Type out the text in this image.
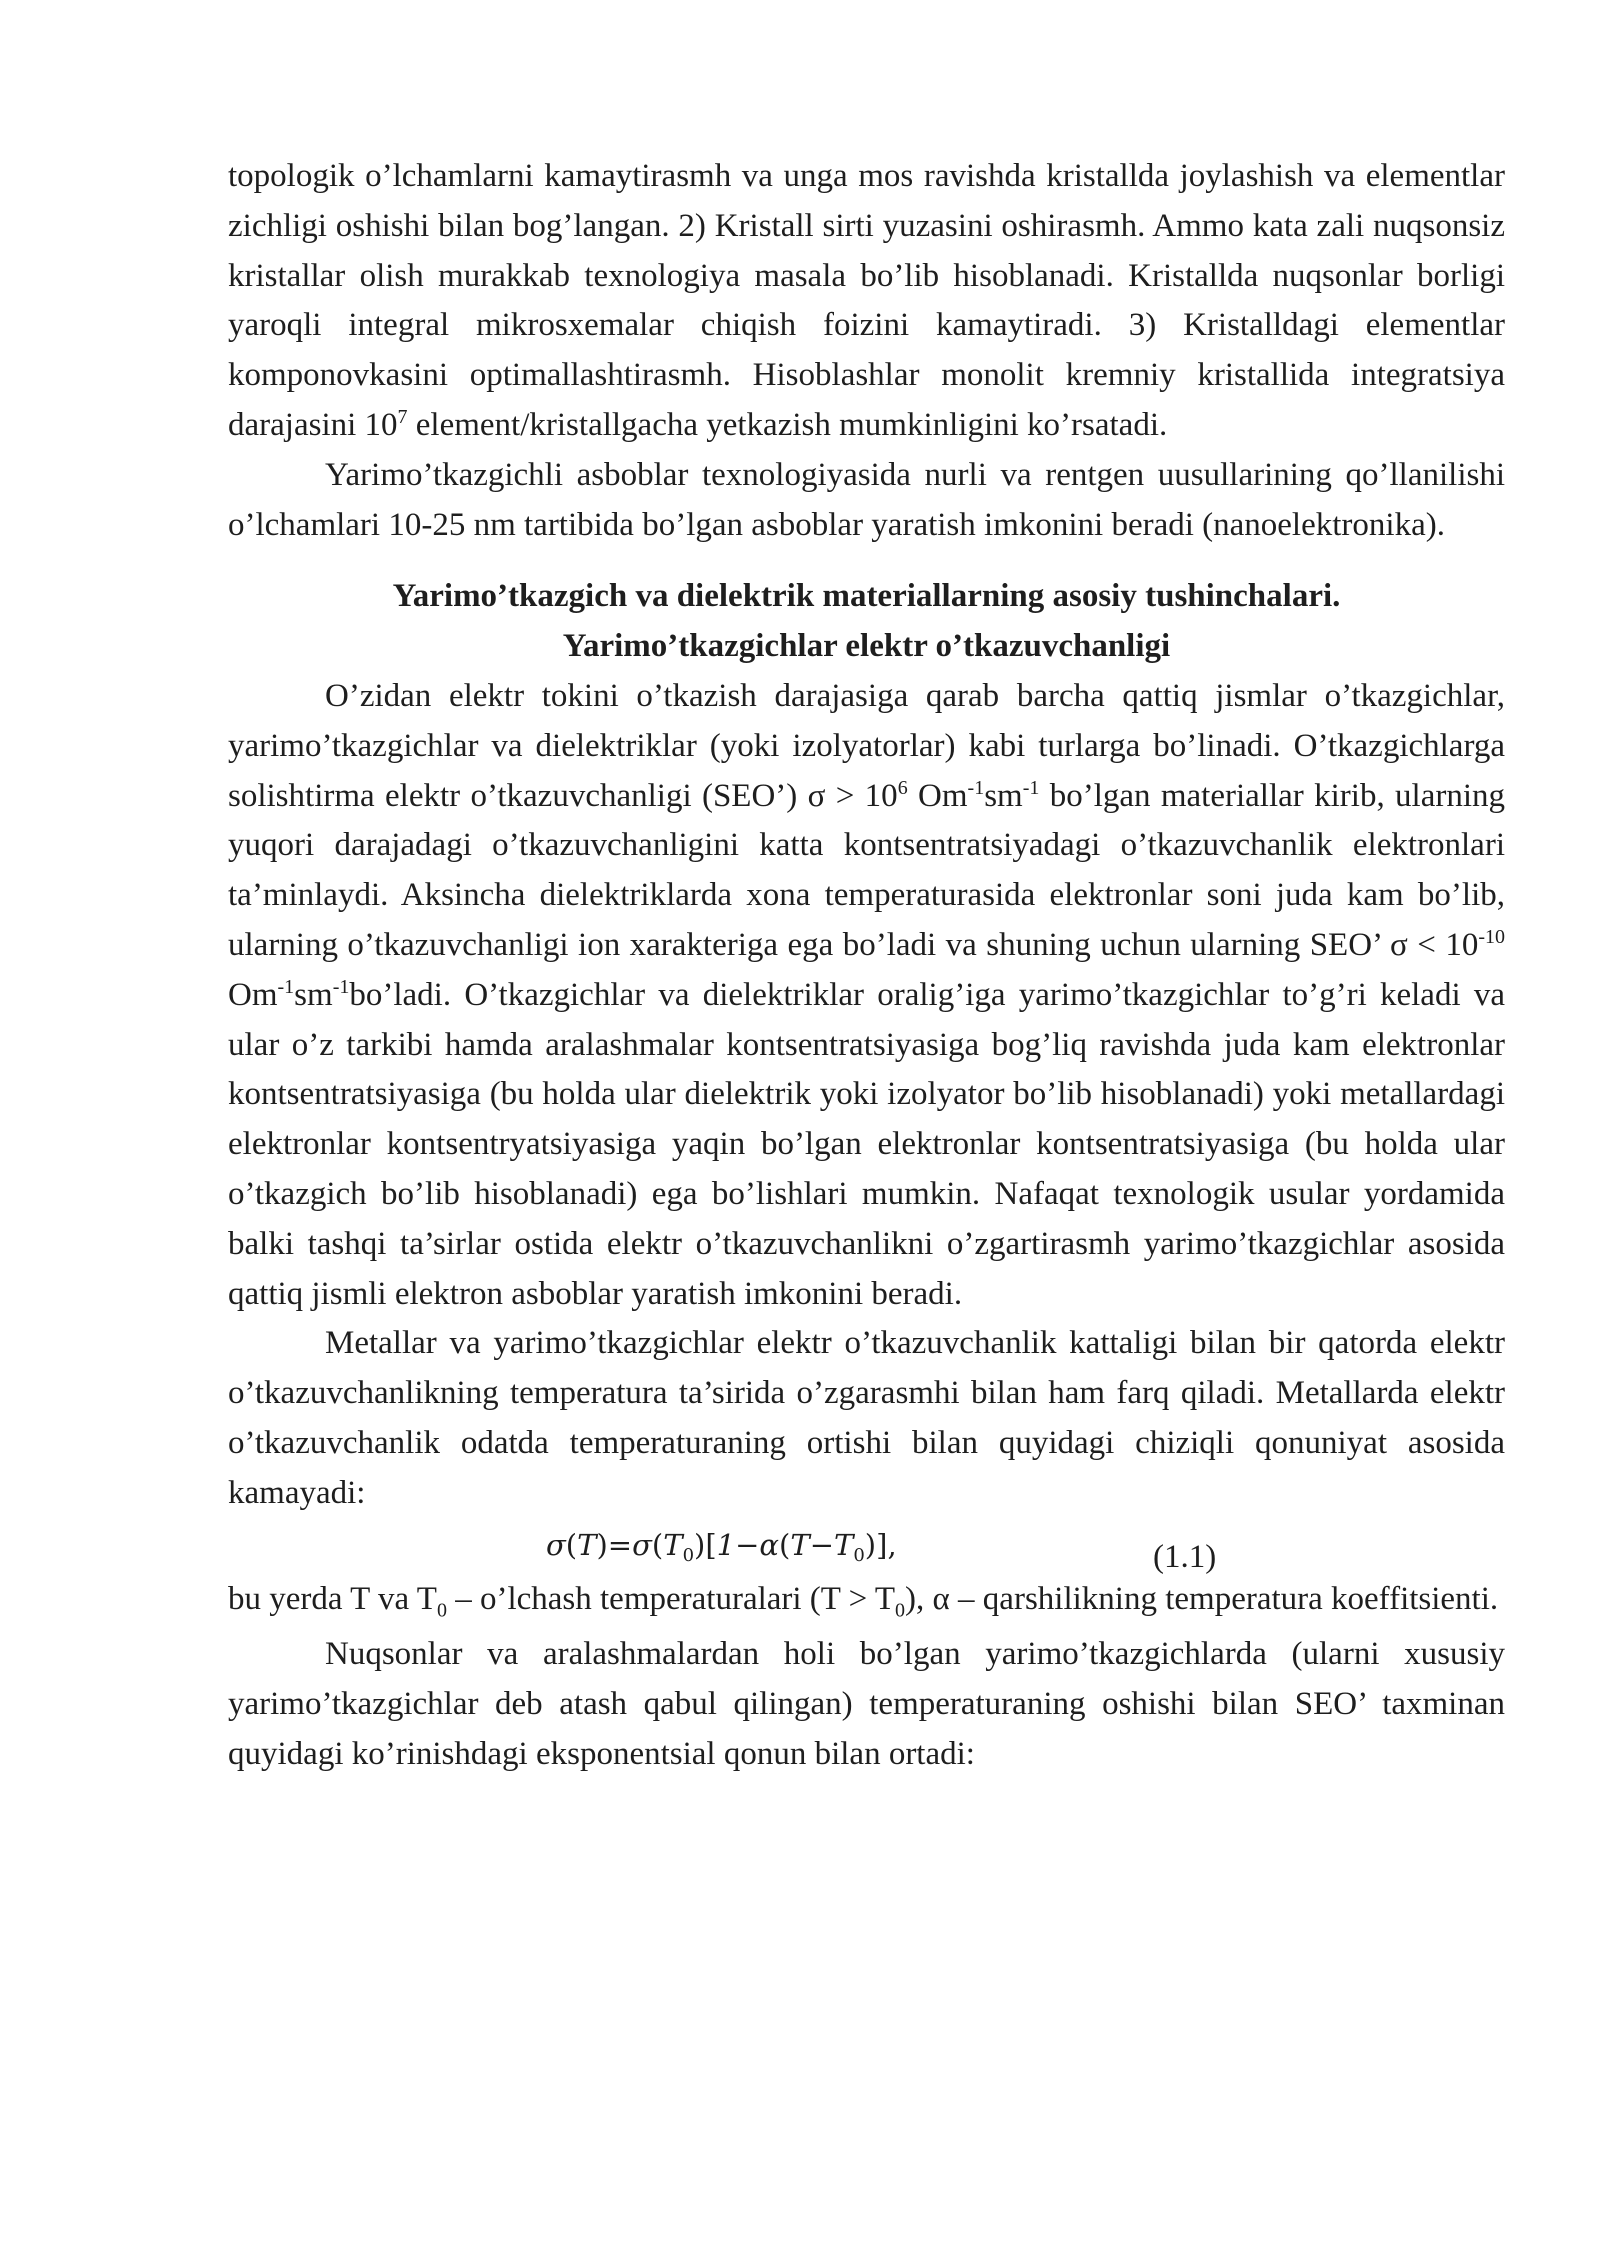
topologik o’lchamlarni kamaytirasmh va unga mos ravishda kristallda joylashish va elementlar zichligi oshishi bilan bog’langan. 2) Kristall sirti yuzasini oshirasmh. Ammo kata zali nuqsonsiz kristallar olish murakkab texnologiya masala bo’lib hisoblanadi. Kristallda nuqsonlar borligi yaroqli integral mikrosxemalar chiqish foizini kamaytiradi. 3) Kristalldagi elementlar komponovkasini optimallashtirasmh. Hisoblashlar monolit kremniy kristallida integratsiya darajasini $10^7$ element/kristallgacha yetkazish mumkinligini ko’rsatadi.

Yarimo’tkazgichli asboblar texnologiyasida nurli va rentgen uusullarining qo’llanilishi o’lchamlari 10-25 nm tartibida bo’lgan asboblar yaratish imkonini beradi (nanoelektronika).

Yarimo’tkazgich va dielektrik materiallarning asosiy tushinchalari.
Yarimo’tkazgichlar elektr o’tkazuvchanligi

O’zidan elektr tokini o’tkazish darajasiga qarab barcha qattiq jismlar o’tkazgichlar, yarimo’tkazgichlar va dielektriklar (yoki izolyatorlar) kabi turlarga bo’linadi. O’tkazgichlarga solishtirma elektr o’tkazuvchanligi (SEO’) $\sigma > 10^6$ $Om^{-1}sm^{-1}$ bo’lgan materiallar kirib, ularning yuqori darajadagi o’tkazuvchanligini katta kontsentratsiyadagi o’tkazuvchanlik elektronlari ta’minlaydi. Aksincha dielektriklarda xona temperaturasida elektronlar soni juda kam bo’lib, ularning o’tkazuvchanligi ion xarakteriga ega bo’ladi va shuning uchun ularning SEO’ $\sigma < 10^{-10}$ $Om^{-1}sm^{-1}bo’ladi$. O’tkazgichlar va dielektriklar oralig’iga yarimo’tkazgichlar to’g’ri keladi va ular o’z tarkibi hamda aralashmalar kontsentratsiyasiga bog’liq ravishda juda kam elektronlar kontsentratsiyasiga (bu holda ular dielektrik yoki izolyator bo’lib hisoblanadi) yoki metallardagi elektronlar kontsentryatsiyasiga yaqin bo’lgan elektronlar kontsentratsiyasiga (bu holda ular o’tkazgich bo’lib hisoblanadi) ega bo’lishlari mumkin. Nafaqat texnologik usular yordamida balki tashqi ta’sirlar ostida elektr o’tkazuvchanlikni o’zgartirasmh yarimo’tkazgichlar asosida qattiq jismli elektron asboblar yaratish imkonini beradi.

Metallar va yarimo’tkazgichlar elektr o’tkazuvchanlik kattaligi bilan bir qatorda elektr o’tkazuvchanlikning temperatura ta’sirida o’zgarasmhi bilan ham farq qiladi. Metallarda elektr o’tkazuvchanlik odatda temperaturaning ortishi bilan quyidagi chiziqli qonuniyat asosida kamayadi:

$\sigma(T)=\sigma(T_0)[1-\alpha(T-T_0)]$,	(1.1)

bu yerda T va $T_0$ – o’lchash temperaturalari $(T > T_0)$, α – qarshilikning temperatura koeffitsienti.

Nuqsonlar va aralashmalardan holi bo’lgan yarimo’tkazgichlarda (ularni xususiy yarimo’tkazgichlar deb atash qabul qilingan) temperaturaning oshishi bilan SEO’ taxminan quyidagi ko’rinishdagi eksponentsial qonun bilan ortadi:
